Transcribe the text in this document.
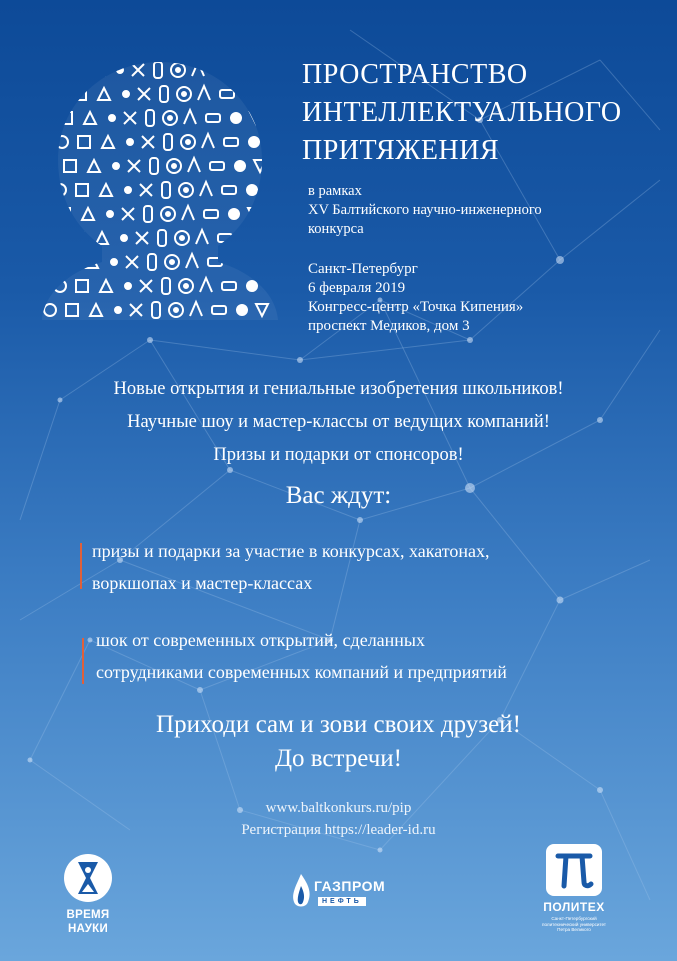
ПРОСТРАНСТВО
ИНТЕЛЛЕКТУАЛЬНОГО
ПРИТЯЖЕНИЯ
в рамках
XV Балтийского научно-инженерного
конкурса
Санкт-Петербург
6 февраля 2019
Конгресс-центр «Точка Кипения»
проспект Медиков, дом 3
Новые открытия и гениальные изобретения школьников!
Научные шоу и мастер-классы от ведущих компаний!
Призы и подарки от спонсоров!
Вас ждут:
призы и подарки за участие в конкурсах, хакатонах,
воркшопах и мастер-классах
шок от современных открытий, сделанных
сотрудниками современных компаний и предприятий
Приходи сам и зови своих друзей!
До встречи!
www.baltkonkurs.ru/pip
Регистрация https://leader-id.ru
ВРЕМЯ
НАУКИ
ГАЗПРОМ
НЕФТЬ	ПОЛИТЕХ
Санкт-Петербургский
политехнический университет
Петра Великого
